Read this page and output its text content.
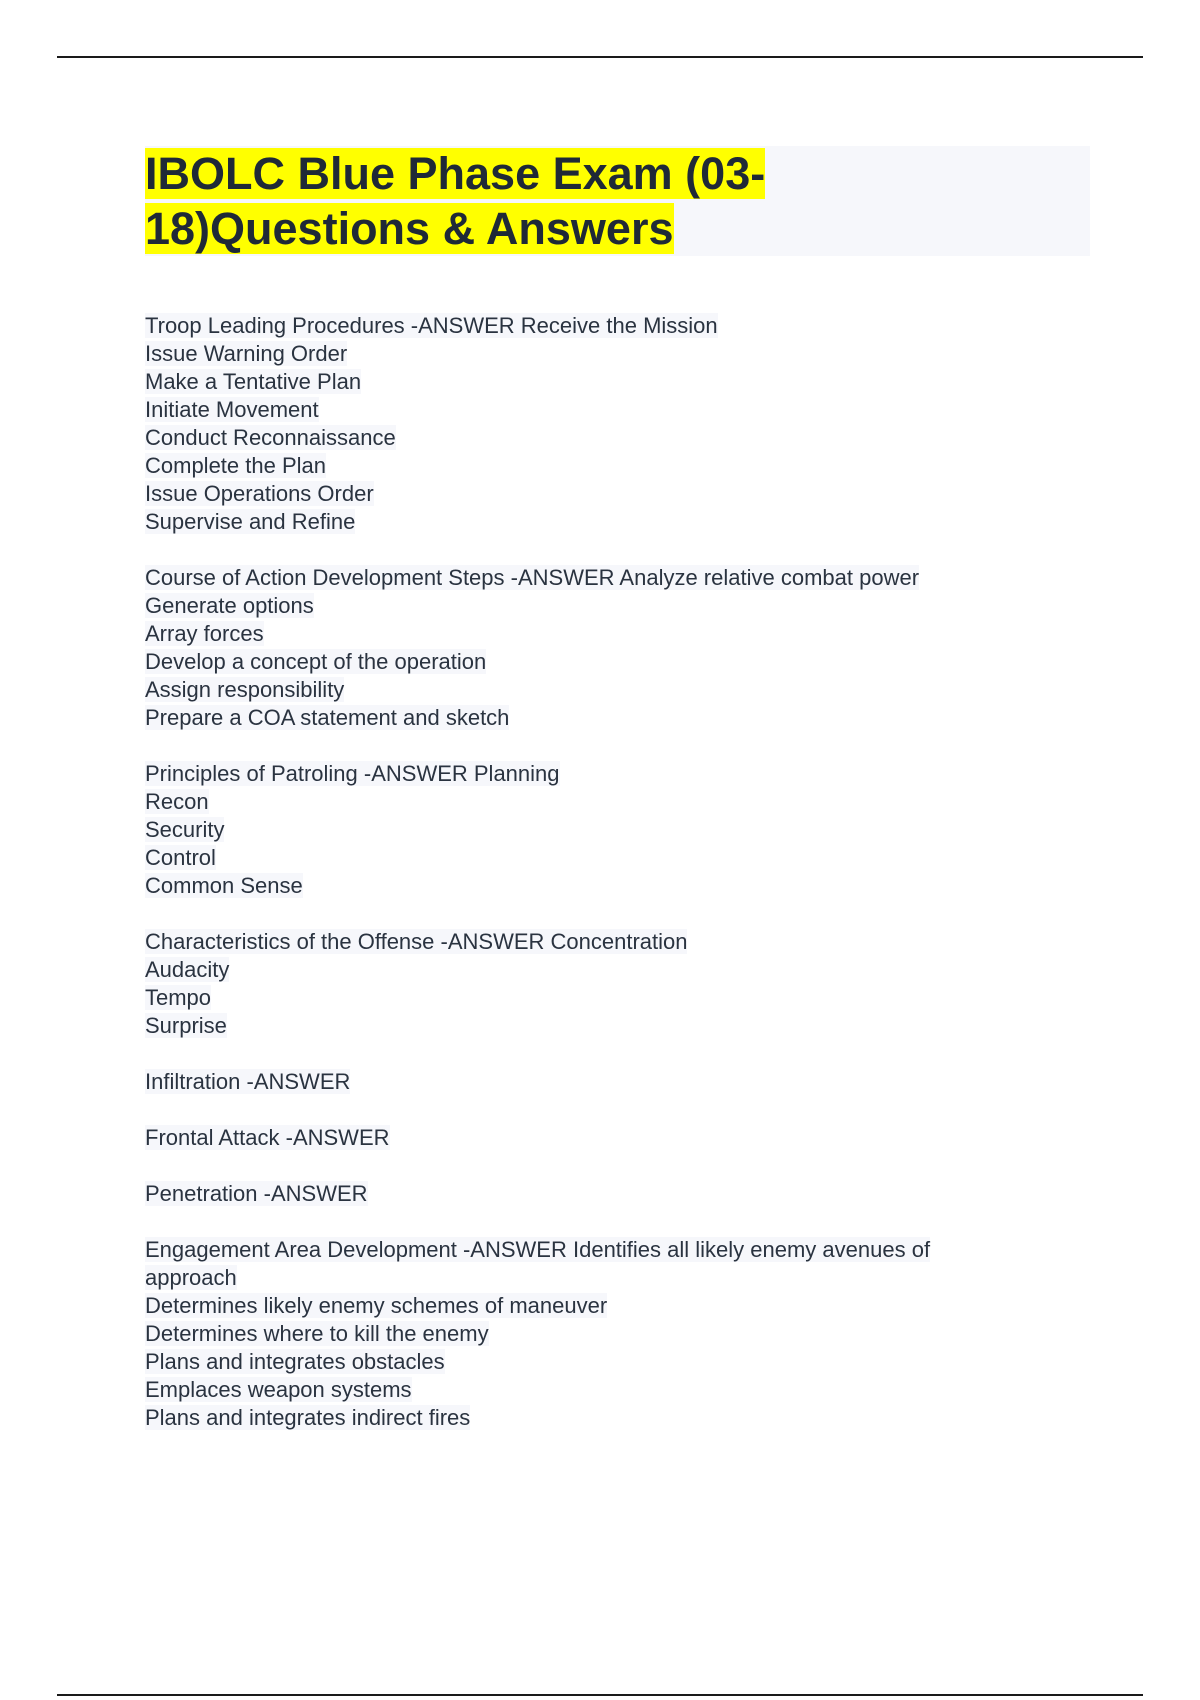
IBOLC Blue Phase Exam (03-
18)Questions & Answers
Troop Leading Procedures -ANSWER Receive the Mission
Issue Warning Order
Make a Tentative Plan
Initiate Movement
Conduct Reconnaissance
Complete the Plan
Issue Operations Order
Supervise and Refine
Course of Action Development Steps -ANSWER Analyze relative combat power
Generate options
Array forces
Develop a concept of the operation
Assign responsibility
Prepare a COA statement and sketch
Principles of Patroling -ANSWER Planning
Recon
Security
Control
Common Sense
Characteristics of the Offense -ANSWER Concentration
Audacity
Tempo
Surprise
Infiltration -ANSWER
Frontal Attack -ANSWER
Penetration -ANSWER
Engagement Area Development -ANSWER Identifies all likely enemy avenues of approach
Determines likely enemy schemes of maneuver
Determines where to kill the enemy
Plans and integrates obstacles
Emplaces weapon systems
Plans and integrates indirect fires
